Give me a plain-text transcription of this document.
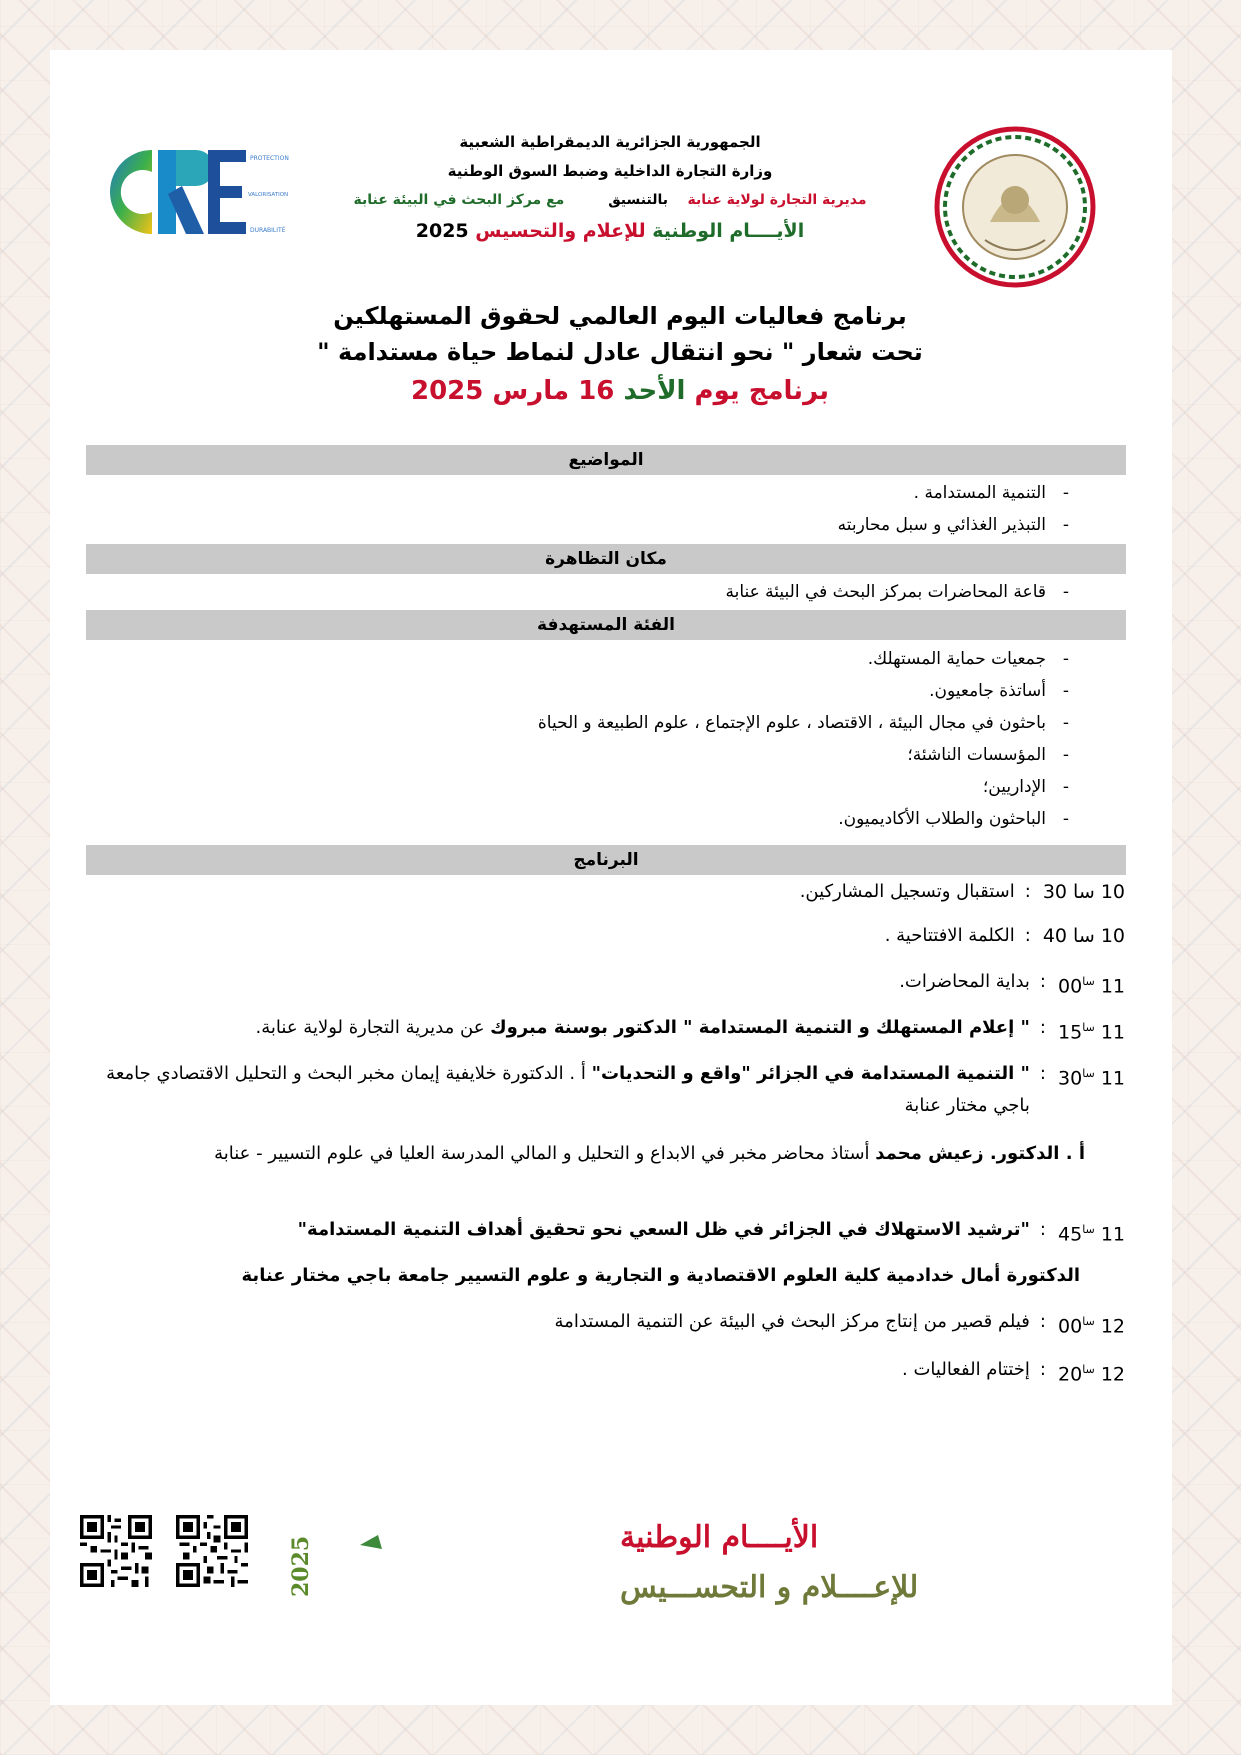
PROTECTION
VALORISATION
DURABILITÉ
الجمهورية الجزائرية الديمقراطية الشعبية
وزارة التجارة الداخلية وضبط السوق الوطنية
مديرية التجارة لولاية عنابة    بالتنسيق         مع مركز البحث في البيئة عنابة
الأيــــام الوطنية للإعلام والتحسيس 2025
برنامج فعاليات اليوم العالمي لحقوق المستهلكين
تحت شعار " نحو انتقال عادل لنماط حياة مستدامة "
برنامج يوم الأحد 16 مارس 2025
المواضيع
-
التنمية المستدامة .
-
التبذير الغذائي و سبل محاربته
مكان التظاهرة
-
قاعة المحاضرات بمركز البحث في البيئة عنابة
الفئة المستهدفة
-
جمعيات حماية المستهلك.
-
أساتذة جامعيون.
-
باحثون في مجال البيئة ، الاقتصاد ، علوم الإجتماع ، علوم الطبيعة و الحياة
-
المؤسسات الناشئة؛
-
الإداريين؛
-
الباحثون والطلاب الأكاديميون.
البرنامج
10 سا 30
:
استقبال وتسجيل المشاركين.
10 سا 40
:
الكلمة الافتتاحية .
11 $^{سا}$00
:
بداية المحاضرات.
11 $^{سا}$15
:
" إعلام المستهلك و التنمية المستدامة " الدكتور بوسنة مبروك عن مديرية التجارة لولاية عنابة.
11 $^{سا}$30
:
" التنمية المستدامة في الجزائر "واقع و التحديات" أ . الدكتورة خلايفية إيمان مخبر البحث و التحليل الاقتصادي جامعة باجي مختار عنابة
أ . الدكتور. زعيش محمد أستاذ محاضر مخبر في الابداع و التحليل و المالي المدرسة العليا في علوم التسيير - عنابة
11 $^{سا}$45
:
"ترشيد الاستهلاك في الجزائر في ظل السعي نحو تحقيق أهداف التنمية المستدامة"
الدكتورة أمال خدادمية كلية العلوم الاقتصادية و التجارية و علوم التسيير جامعة باجي مختار عنابة
12 $^{سا}$00
:
فيلم قصير من إنتاج مركز البحث في البيئة عن التنمية المستدامة
12 $^{سا}$20
:
إختتام الفعاليات .
2025	الأيــــام الوطنية
للإعــــلام و التحســـيس
